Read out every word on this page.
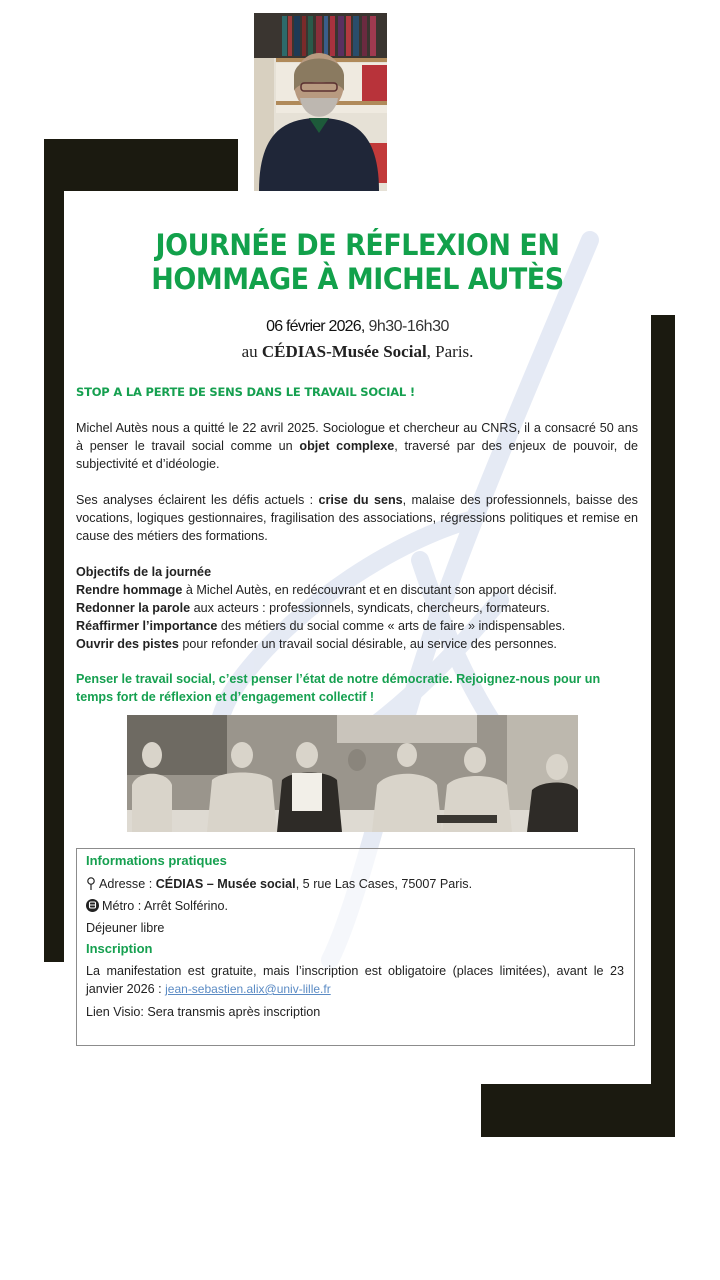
JOURNÉE DE RÉFLEXION EN
HOMMAGE À MICHEL AUTÈS
06 février 2026, 9h30-16h30
au CÉDIAS-Musée Social, Paris.
STOP A LA PERTE DE SENS DANS LE TRAVAIL SOCIAL !
Michel Autès nous a quitté le 22 avril 2025. Sociologue et chercheur au CNRS, il a consacré 50 ans à penser le travail social comme un objet complexe, traversé par des enjeux de pouvoir, de subjectivité et d’idéologie.
Ses analyses éclairent les défis actuels : crise du sens, malaise des professionnels, baisse des vocations, logiques gestionnaires, fragilisation des associations, régressions politiques et remise en cause des métiers des formations.

Objectifs de la journée

Rendre hommage à Michel Autès, en redécouvrant et en discutant son apport décisif.

Redonner la parole aux acteurs : professionnels, syndicats, chercheurs, formateurs.

Réaffirmer l’importance des métiers du social comme « arts de faire » indispensables.

Ouvrir des pistes pour refonder un travail social désirable, au service des personnes.

Penser le travail social, c’est penser l’état de notre démocratie. Rejoignez-nous pour un temps fort de réflexion et d’engagement collectif !
Informations pratiques
Adresse : CÉDIAS – Musée social, 5 rue Las Cases, 75007 Paris.
Métro : Arrêt Solférino.
Déjeuner libre
Inscription
La manifestation est gratuite, mais l’inscription est obligatoire (places limitées), avant le 23 janvier 2026 : jean-sebastien.alix@univ-lille.fr
Lien Visio: Sera transmis après inscription
